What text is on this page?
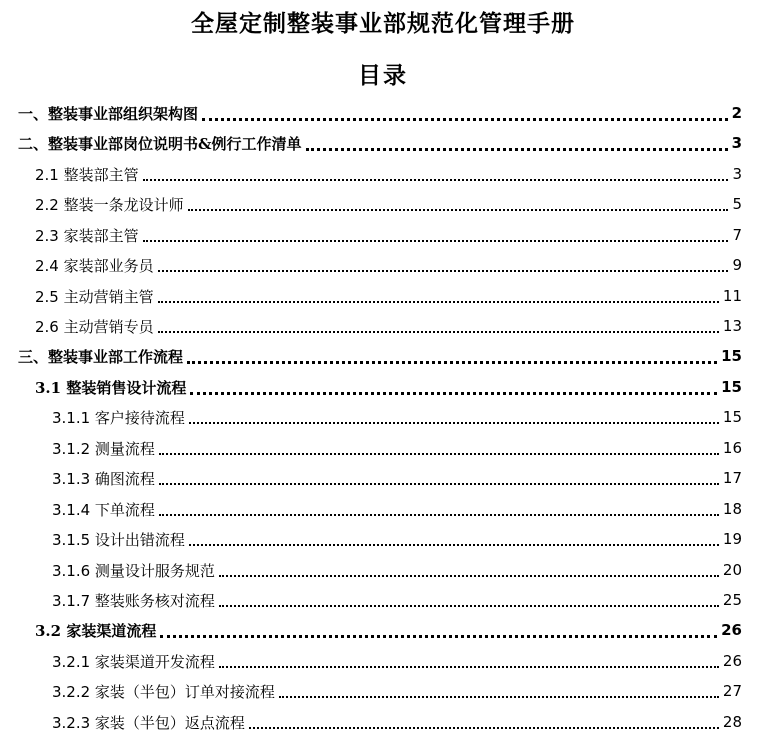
全屋定制整装事业部规范化管理手册
目录
一、整装事业部组织架构图	2
二、整装事业部岗位说明书&例行工作清单	3
2.1 整装部主管	3
2.2 整装一条龙设计师	5
2.3 家装部主管	7
2.4 家装部业务员	9
2.5 主动营销主管	11
2.6 主动营销专员	13
三、整装事业部工作流程	15
3.1 整装销售设计流程	15
3.1.1 客户接待流程	15
3.1.2 测量流程	16
3.1.3 确图流程	17
3.1.4 下单流程	18
3.1.5 设计出错流程	19
3.1.6 测量设计服务规范	20
3.1.7 整装账务核对流程	25
3.2 家装渠道流程	26
3.2.1 家装渠道开发流程	26
3.2.2 家装（半包）订单对接流程	27
3.2.3 家装（半包）返点流程	28
